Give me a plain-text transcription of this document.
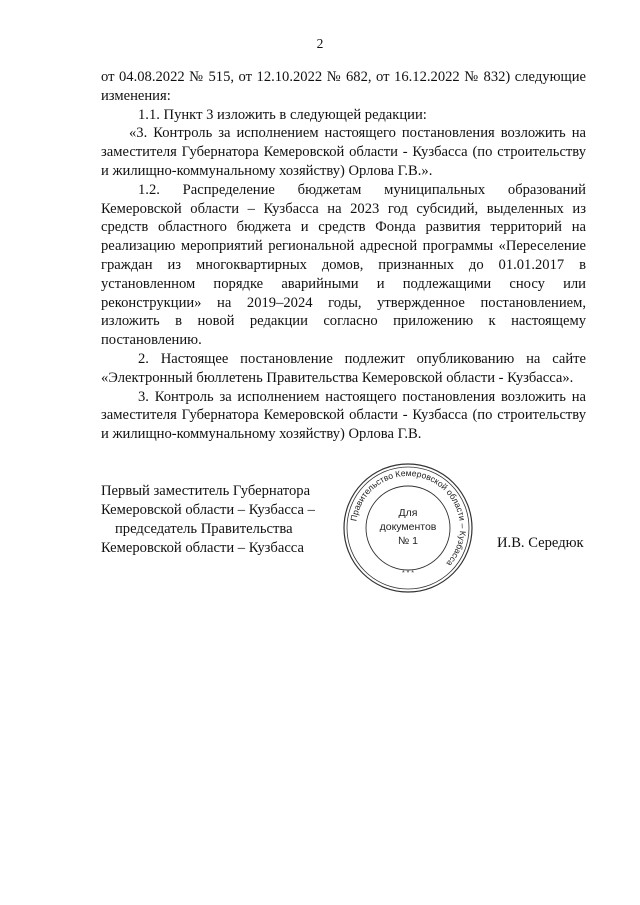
2

от 04.08.2022 № 515, от 12.10.2022 № 682, от 16.12.2022 № 832) следующие изменения:

1.1. Пункт 3 изложить в следующей редакции:

«3. Контроль за исполнением настоящего постановления возложить на заместителя Губернатора Кемеровской области - Кузбасса (по строительству и жилищно-коммунальному хозяйству) Орлова Г.В.».

1.2. Распределение бюджетам муниципальных образований Кемеровской области – Кузбасса на 2023 год субсидий, выделенных из средств областного бюджета и средств Фонда развития территорий на реализацию мероприятий региональной адресной программы «Переселение граждан из многоквартирных домов, признанных до 01.01.2017 в установленном порядке аварийными и подлежащими сносу или реконструкции» на 2019–2024 годы, утвержденное постановлением, изложить в новой редакции согласно приложению к настоящему постановлению.

2. Настоящее постановление подлежит опубликованию на сайте «Электронный бюллетень Правительства Кемеровской области - Кузбасса».

3. Контроль за исполнением настоящего постановления возложить на заместителя Губернатора Кемеровской области - Кузбасса (по строительству и жилищно-коммунальному хозяйству) Орлова Г.В.

Первый заместитель Губернатора
Кемеровской области – Кузбасса –
председатель Правительства
Кемеровской области – Кузбасса
Правительство Кемеровской области – Кузбасса
* * *
Для
документов
№ 1	И.В. Середюк
